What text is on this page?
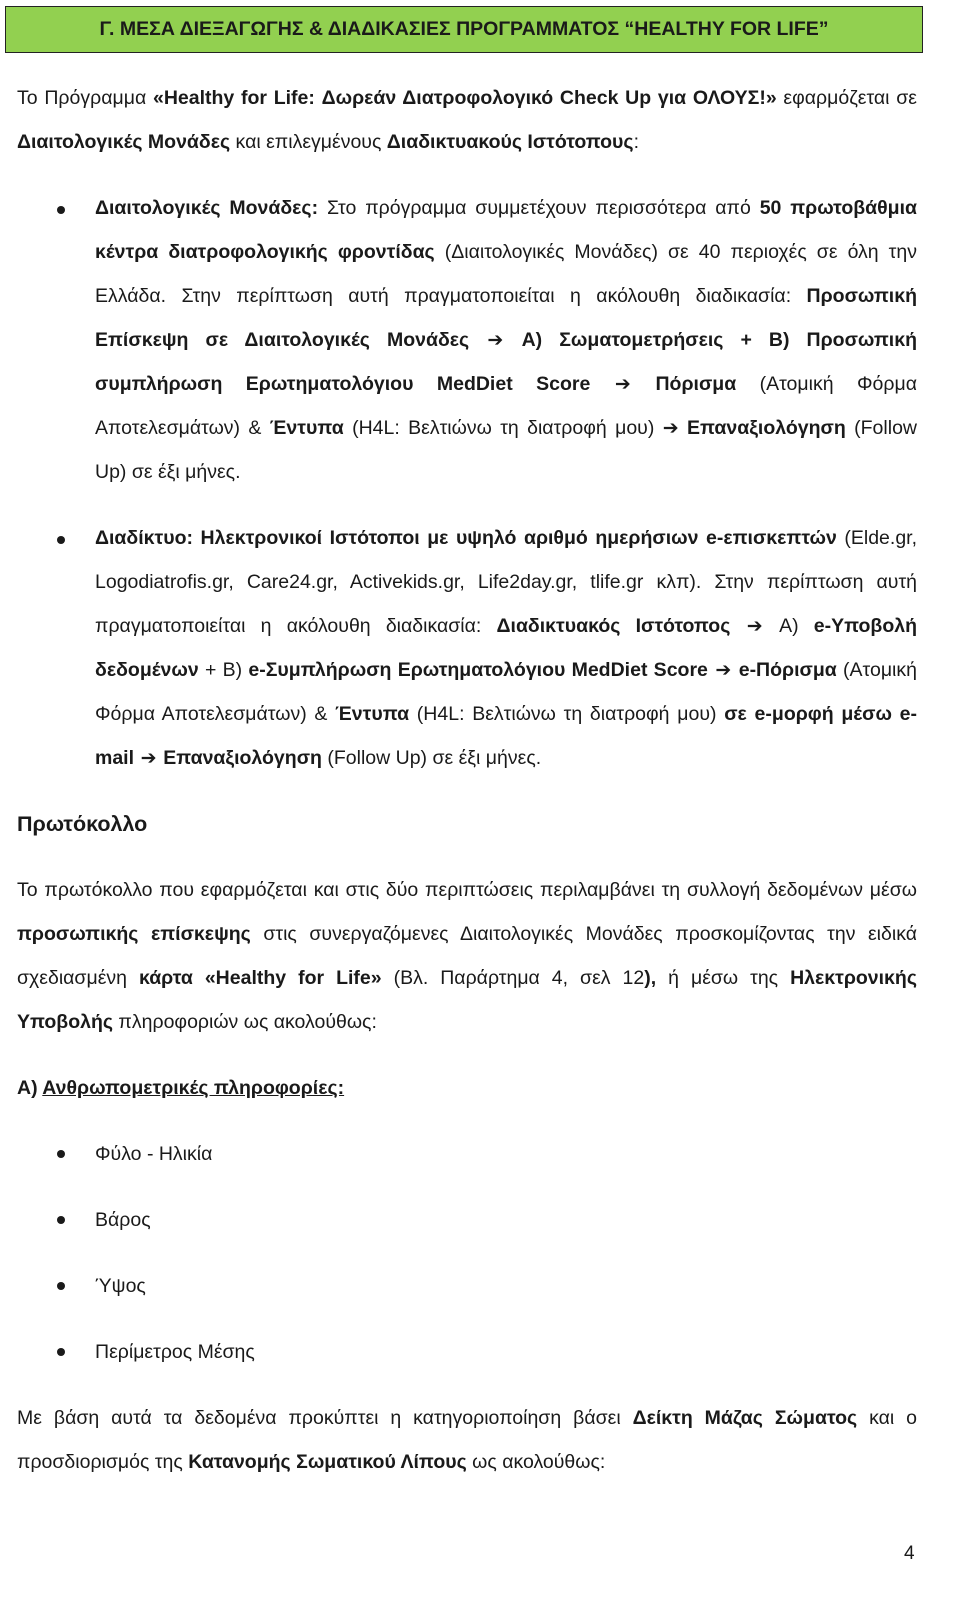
Γ. ΜΕΣΑ ΔΙΕΞΑΓΩΓΗΣ & ΔΙΑΔΙΚΑΣΙΕΣ ΠΡΟΓΡΑΜΜΑΤΟΣ “HEALTHY FOR LIFE”

Το Πρόγραμμα «Healthy for Life: Δωρεάν Διατροφολογικό Check Up για ΟΛΟΥΣ!» εφαρμόζεται σε Διαιτολογικές Μονάδες και επιλεγμένους Διαδικτυακούς Ιστότοπους:

Διαιτολογικές Μονάδες: Στο πρόγραμμα συμμετέχουν περισσότερα από 50 πρωτοβάθμια κέντρα διατροφολογικής φροντίδας (Διαιτολογικές Μονάδες) σε 40 περιοχές σε όλη την Ελλάδα. Στην περίπτωση αυτή πραγματοποιείται η ακόλουθη διαδικασία: Προσωπική Επίσκεψη σε Διαιτολογικές Μονάδες ➔ Α) Σωματομετρήσεις + Β) Προσωπική συμπλήρωση Ερωτηματολόγιου MedDiet Score ➔ Πόρισμα (Ατομική Φόρμα Αποτελεσμάτων) & Έντυπα (H4L: Βελτιώνω τη διατροφή μου) ➔ Επαναξιολόγηση (Follow Up) σε έξι μήνες.

Διαδίκτυο: Ηλεκτρονικοί Ιστότοποι με υψηλό αριθμό ημερήσιων e-επισκεπτών (Elde.gr, Logodiatrofis.gr, Care24.gr, Activekids.gr, Life2day.gr, tlife.gr κλπ). Στην περίπτωση αυτή πραγματοποιείται η ακόλουθη διαδικασία: Διαδικτυακός Ιστότοπος ➔ Α) e-Υποβολή δεδομένων + Β) e-Συμπλήρωση Ερωτηματολόγιου MedDiet Score ➔ e-Πόρισμα (Ατομική Φόρμα Αποτελεσμάτων) & Έντυπα (H4L: Βελτιώνω τη διατροφή μου) σε e-μορφή μέσω e-mail ➔ Επαναξιολόγηση (Follow Up) σε έξι μήνες.

Πρωτόκολλο

Το πρωτόκολλο που εφαρμόζεται και στις δύο περιπτώσεις περιλαμβάνει τη συλλογή δεδομένων μέσω προσωπικής επίσκεψης στις συνεργαζόμενες Διαιτολογικές Μονάδες προσκομίζοντας την ειδικά σχεδιασμένη κάρτα «Healthy for Life» (Βλ. Παράρτημα 4, σελ 12), ή μέσω της Ηλεκτρονικής Υποβολής πληροφοριών ως ακολούθως:

Α) Ανθρωπομετρικές πληροφορίες:

Φύλο - Ηλικία
Βάρος
Ύψος
Περίμετρος Μέσης

Με βάση αυτά τα δεδομένα προκύπτει η κατηγοριοποίηση βάσει Δείκτη Μάζας Σώματος και ο προσδιορισμός της Κατανομής Σωματικού Λίπους ως ακολούθως:

4
